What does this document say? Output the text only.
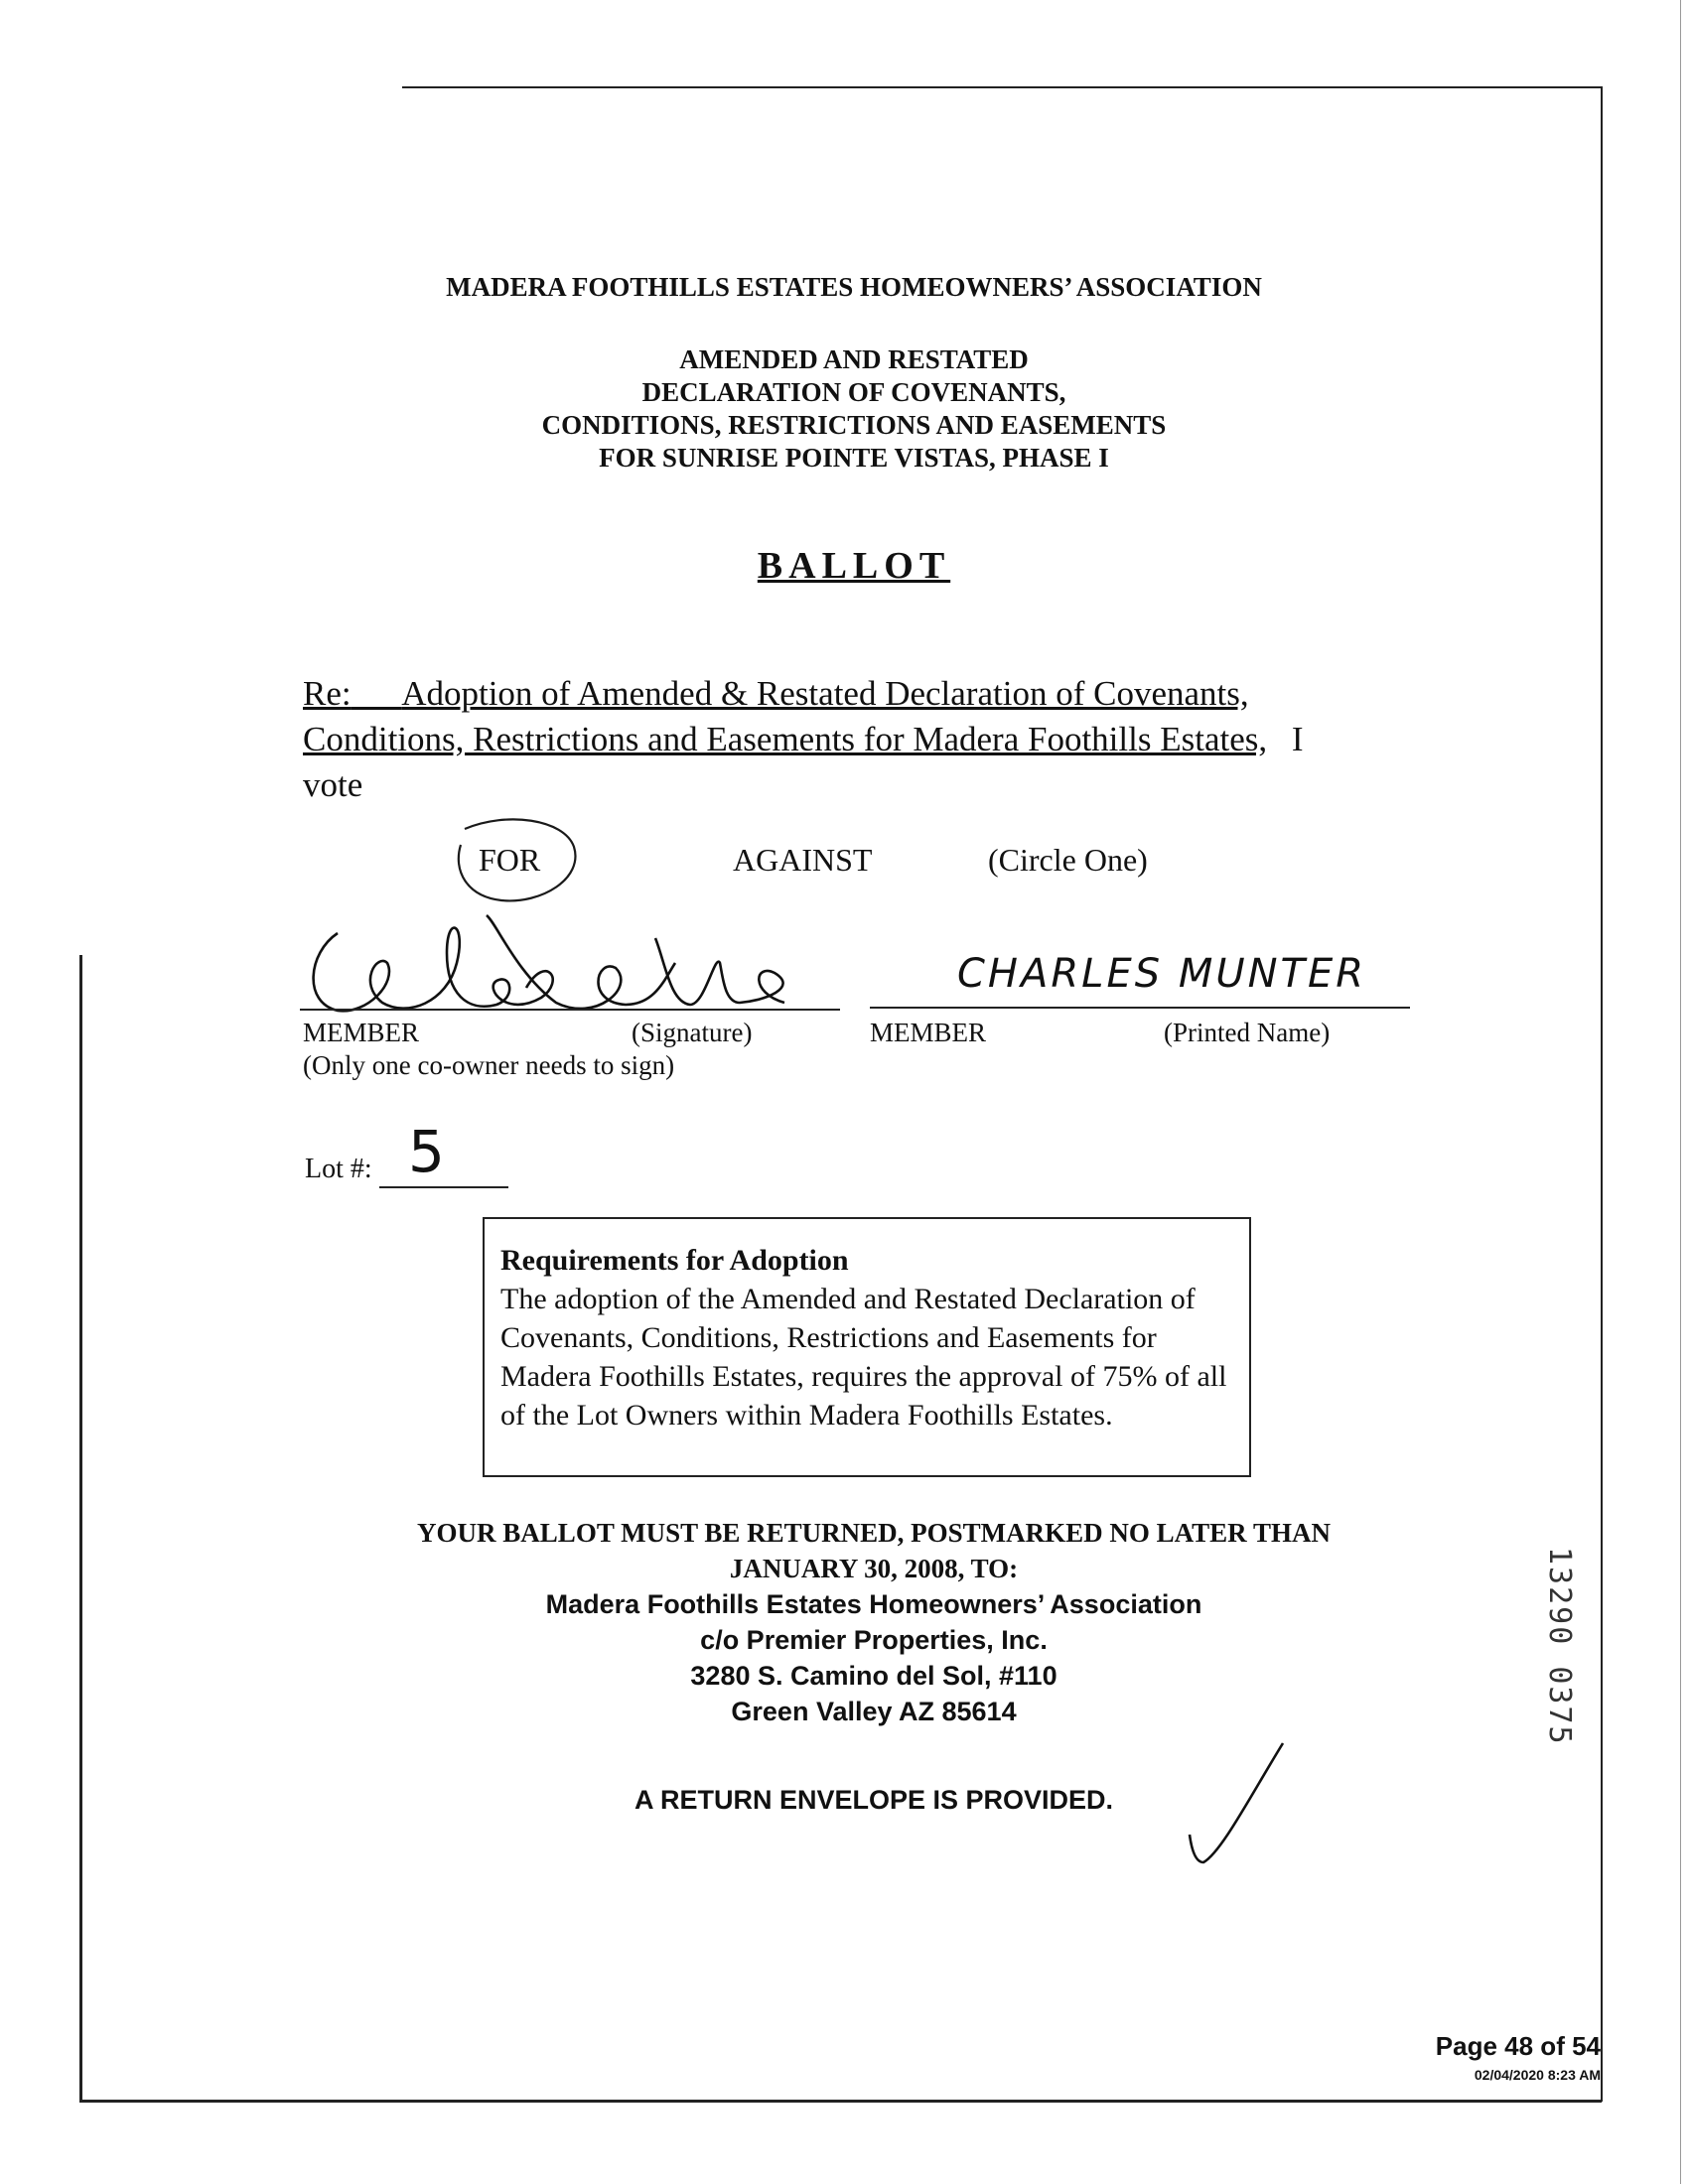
MADERA FOOTHILLS ESTATES HOMEOWNERS’ ASSOCIATION
AMENDED AND RESTATED
DECLARATION OF COVENANTS,
CONDITIONS, RESTRICTIONS AND EASEMENTS
FOR SUNRISE POINTE VISTAS, PHASE I
BALLOT
Re: Adoption of Amended & Restated Declaration of Covenants,
Conditions, Restrictions and Easements for Madera Foothills Estates, I
vote
FOR	AGAINST	(Circle One)
CHARLES MUNTER
MEMBER	(Signature)	MEMBER	(Printed Name)
(Only one co-owner needs to sign)
Lot #: 5
Requirements for Adoption
The adoption of the Amended and Restated Declaration of Covenants, Conditions, Restrictions and Easements for Madera Foothills Estates, requires the approval of 75% of all of the Lot Owners within Madera Foothills Estates.
YOUR BALLOT MUST BE RETURNED, POSTMARKED NO LATER THAN
JANUARY 30, 2008, TO:
Madera Foothills Estates Homeowners’ Association
c/o Premier Properties, Inc.
3280 S. Camino del Sol, #110
Green Valley AZ 85614
A RETURN ENVELOPE IS PROVIDED.
13290 0375
Page 48 of 54
02/04/2020 8:23 AM
